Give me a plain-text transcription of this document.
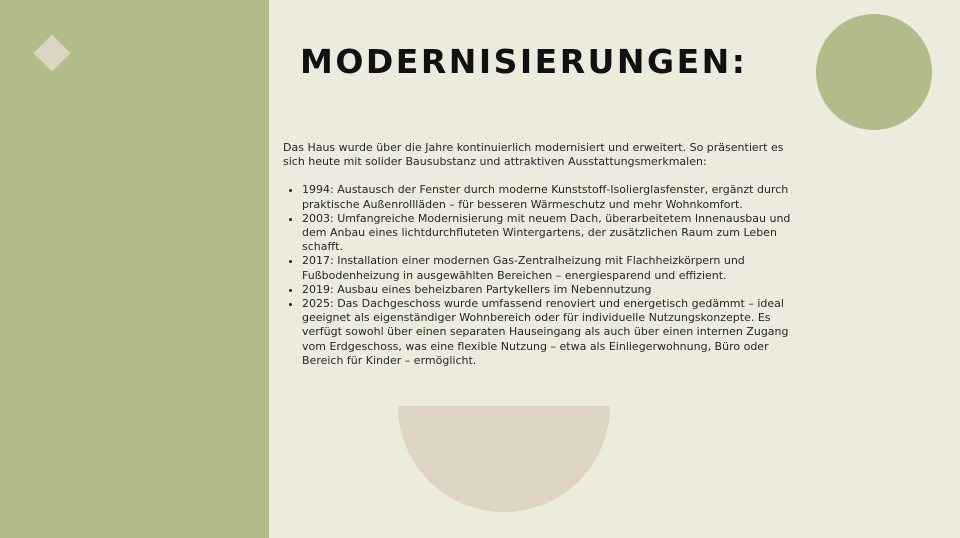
MODERNISIERUNGEN:

Das Haus wurde über die Jahre kontinuierlich modernisiert und erweitert. So präsentiert es sich heute mit solider Bausubstanz und attraktiven Ausstattungsmerkmalen:

• 1994: Austausch der Fenster durch moderne Kunststoff-Isolierglasfenster, ergänzt durch praktische Außenrollläden – für besseren Wärmeschutz und mehr Wohnkomfort.
• 2003: Umfangreiche Modernisierung mit neuem Dach, überarbeitetem Innenausbau und dem Anbau eines lichtdurchfluteten Wintergartens, der zusätzlichen Raum zum Leben schafft.
• 2017: Installation einer modernen Gas-Zentralheizung mit Flachheizkörpern und Fußbodenheizung in ausgewählten Bereichen – energiesparend und effizient.
• 2019: Ausbau eines beheizbaren Partykellers im Nebennutzung
• 2025: Das Dachgeschoss wurde umfassend renoviert und energetisch gedämmt – ideal geeignet als eigenständiger Wohnbereich oder für individuelle Nutzungskonzepte. Es verfügt sowohl über einen separaten Hauseingang als auch über einen internen Zugang vom Erdgeschoss, was eine flexible Nutzung – etwa als Einliegerwohnung, Büro oder Bereich für Kinder – ermöglicht.
